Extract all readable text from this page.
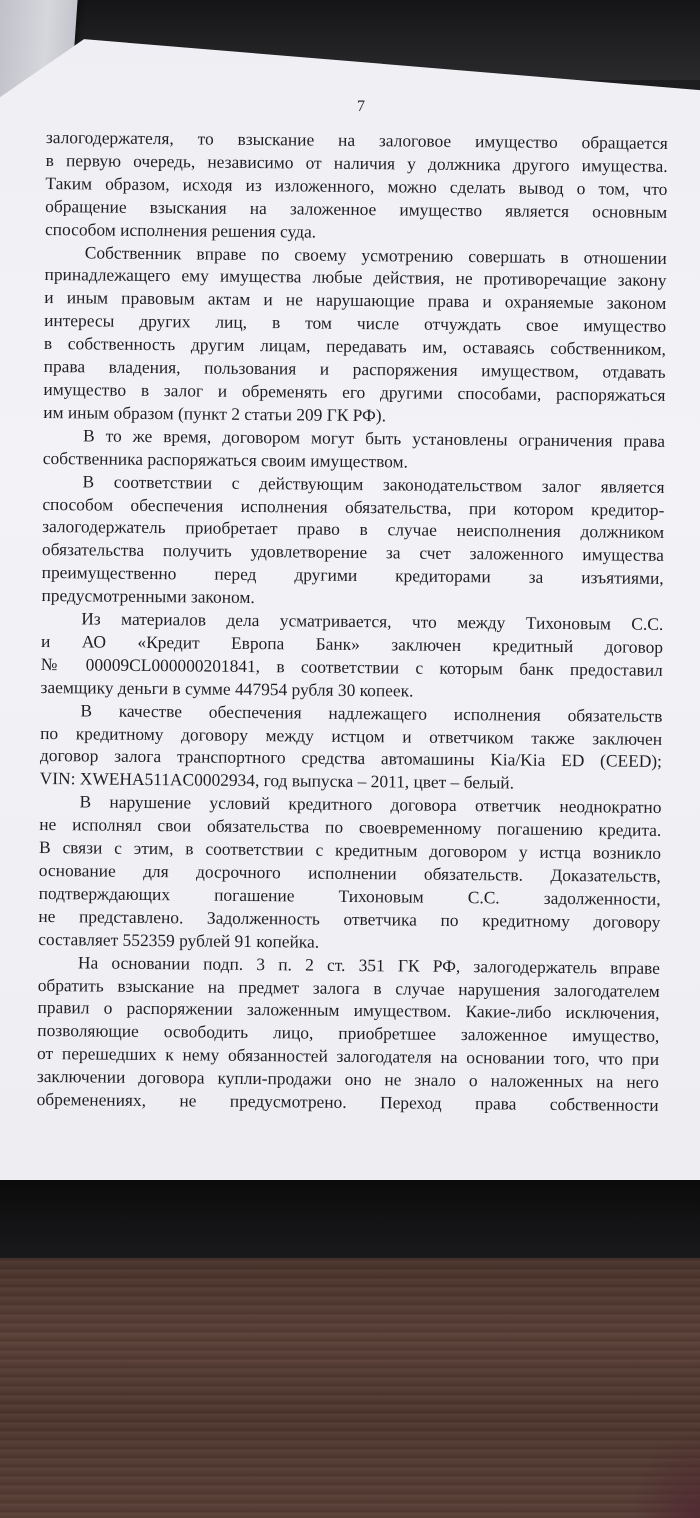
7

залогодержателя, то взыскание на залоговое имущество обращается
в первую очередь, независимо от наличия у должника другого имущества.
Таким образом, исходя из изложенного, можно сделать вывод о том, что
обращение взыскания на заложенное имущество является основным
способом исполнения решения суда.
Собственник вправе по своему усмотрению совершать в отношении
принадлежащего ему имущества любые действия, не противоречащие закону
и иным правовым актам и не нарушающие права и охраняемые законом
интересы других лиц, в том числе отчуждать свое имущество
в собственность другим лицам, передавать им, оставаясь собственником,
права владения, пользования и распоряжения имуществом, отдавать
имущество в залог и обременять его другими способами, распоряжаться
им иным образом (пункт 2 статьи 209 ГК РФ).
В то же время, договором могут быть установлены ограничения права
собственника распоряжаться своим имуществом.
В соответствии с действующим законодательством залог является
способом обеспечения исполнения обязательства, при котором кредитор-
залогодержатель приобретает право в случае неисполнения должником
обязательства получить удовлетворение за счет заложенного имущества
преимущественно перед другими кредиторами за изъятиями,
предусмотренными законом.
Из материалов дела усматривается, что между Тихоновым С.С.
и АО «Кредит Европа Банк» заключен кредитный договор
№ 00009CL000000201841, в соответствии с которым банк предоставил
заемщику деньги в сумме 447954 рубля 30 копеек.
В качестве обеспечения надлежащего исполнения обязательств
по кредитному договору между истцом и ответчиком также заключен
договор залога транспортного средства автомашины Kia/Kia ED (CEED);
VIN: XWEHA511AC0002934, год выпуска – 2011, цвет – белый.
В нарушение условий кредитного договора ответчик неоднократно
не исполнял свои обязательства по своевременному погашению кредита.
В связи с этим, в соответствии с кредитным договором у истца возникло
основание для досрочного исполнении обязательств. Доказательств,
подтверждающих погашение Тихоновым С.С. задолженности,
не представлено. Задолженность ответчика по кредитному договору
составляет 552359 рублей 91 копейка.
На основании подп. 3 п. 2 ст. 351 ГК РФ, залогодержатель вправе
обратить взыскание на предмет залога в случае нарушения залогодателем
правил о распоряжении заложенным имуществом. Какие-либо исключения,
позволяющие освободить лицо, приобретшее заложенное имущество,
от перешедших к нему обязанностей залогодателя на основании того, что при
заключении договора купли-продажи оно не знало о наложенных на него
обременениях, не предусмотрено. Переход права собственности
